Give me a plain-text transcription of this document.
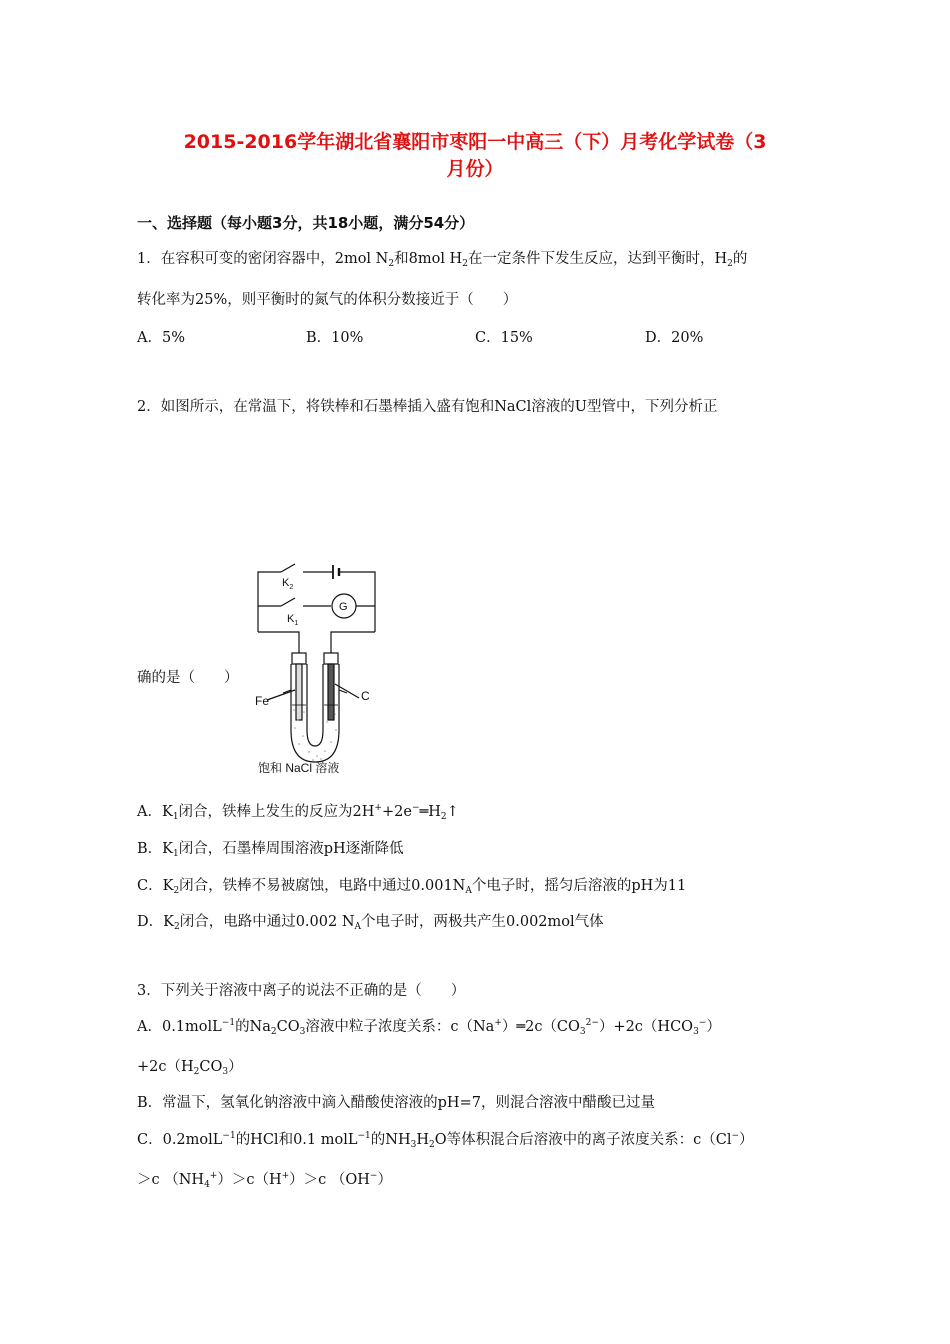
2015-2016学年湖北省襄阳市枣阳一中高三（下）月考化学试卷（3
月份）
一、选择题（每小题3分，共18小题，满分54分）
1．在容积可变的密闭容器中，2mol $N_2$和8mol $H_2$在一定条件下发生反应，达到平衡时，$H_2$的
转化率为25%，则平衡时的氮气的体积分数接近于（　　）
A．5%	B．10%	C．15%	D．20%
2．如图所示，在常温下，将铁棒和石墨棒插入盛有饱和NaCl溶液的U型管中，下列分析正
$K_2$
$K_1$
G
Fe	C
饱和 NaCl 溶液
确的是（　　）
A．$K_1$闭合，铁棒上发生的反应为$2H^++2e^-═H_2↑$
B．$K_1$闭合，石墨棒周围溶液pH逐渐降低
C．$K_2$闭合，铁棒不易被腐蚀，电路中通过$0.001N_A$个电子时，摇匀后溶液的pH为11
D．$K_2$闭合，电路中通过0.002 $N_A$个电子时，两极共产生0.002mol气体
3．下列关于溶液中离子的说法不正确的是（　　）
A．0.1molL$^{-1}$的$Na_2CO_3$溶液中粒子浓度关系：$c(Na^+)═2c(CO_3^{2-})+2c(HCO_3^-)$
$+2c(H_2CO_3)$
B．常温下，氢氧化钠溶液中滴入醋酸使溶液的pH=7，则混合溶液中醋酸已过量
C．0.2molL$^{-1}$的HCl和0.1 molL$^{-1}$的$NH_3H_2O$等体积混合后溶液中的离子浓度关系：c（Cl−）
＞c $(NH_4^+)>c(H^+)>c$ （OH−）
